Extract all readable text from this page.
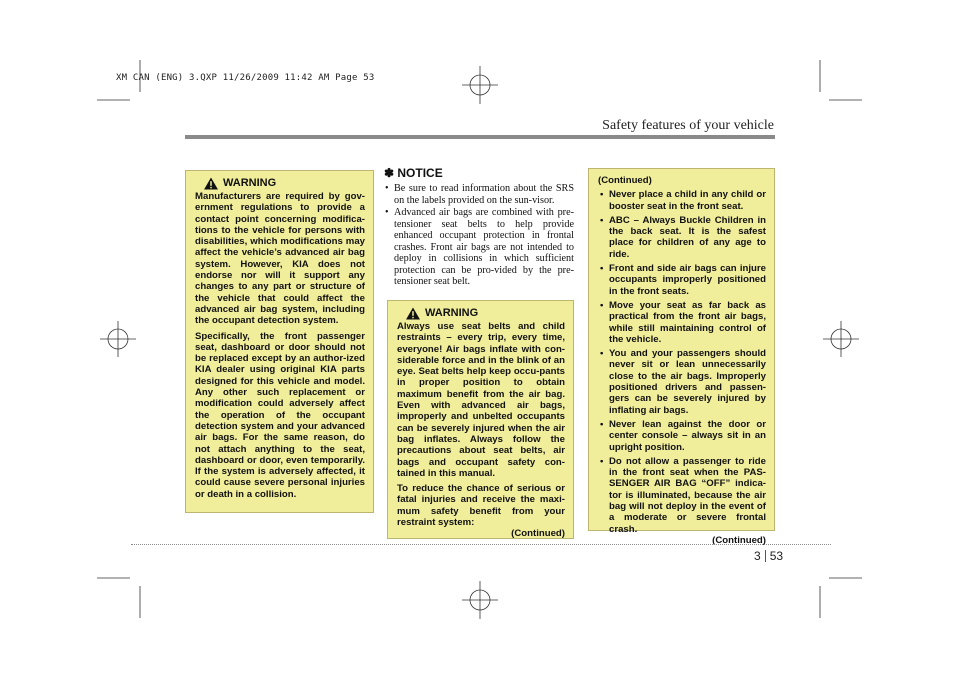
XM CAN (ENG) 3.QXP 11/26/2009 11:42 AM Page 53
Safety features of your vehicle
WARNING

Manufacturers are required by gov-ernment regulations to provide a contact point concerning modifica-tions to the vehicle for persons with disabilities, which modifications may affect the vehicle’s advanced air bag system. However, KIA does not endorse nor will it support any changes to any part or structure of the vehicle that could affect the advanced air bag system, including the occupant detection system.

Specifically, the front passenger seat, dashboard or door should not be replaced except by an author-ized KIA dealer using original KIA parts designed for this vehicle and model. Any other such replacement or modification could adversely affect the operation of the occupant detection system and your advanced air bags. For the same reason, do not attach anything to the seat, dashboard or door, even temporarily. If the system is adversely affected, it could cause severe personal injuries or death in a collision.

✽ NOTICE
• Be sure to read information about the SRS on the labels provided on the sun-visor.
• Advanced air bags are combined with pre-tensioner seat belts to help provide enhanced occupant protection in frontal crashes. Front air bags are not intended to deploy in collisions in which sufficient protection can be pro-vided by the pre-tensioner seat belt.
WARNING

Always use seat belts and child restraints – every trip, every time, everyone! Air bags inflate with con-siderable force and in the blink of an eye. Seat belts help keep occu-pants in proper position to obtain maximum benefit from the air bag. Even with advanced air bags, improperly and unbelted occupants can be severely injured when the air bag inflates. Always follow the precautions about seat belts, air bags and occupant safety con-tained in this manual.

To reduce the chance of serious or fatal injuries and receive the maxi-mum safety benefit from your restraint system:

(Continued)
(Continued)
• Never place a child in any child or booster seat in the front seat.
• ABC – Always Buckle Children in the back seat. It is the safest place for children of any age to ride.
• Front and side air bags can injure occupants improperly positioned in the front seats.
• Move your seat as far back as practical from the front air bags, while still maintaining control of the vehicle.
• You and your passengers should never sit or lean unnecessarily close to the air bags. Improperly positioned drivers and passen-gers can be severely injured by inflating air bags.
• Never lean against the door or center console – always sit in an upright position.
• Do not allow a passenger to ride in the front seat when the PAS-SENGER AIR BAG “OFF” indica-tor is illuminated, because the air bag will not deploy in the event of a moderate or severe frontal crash.
(Continued)
3 53
